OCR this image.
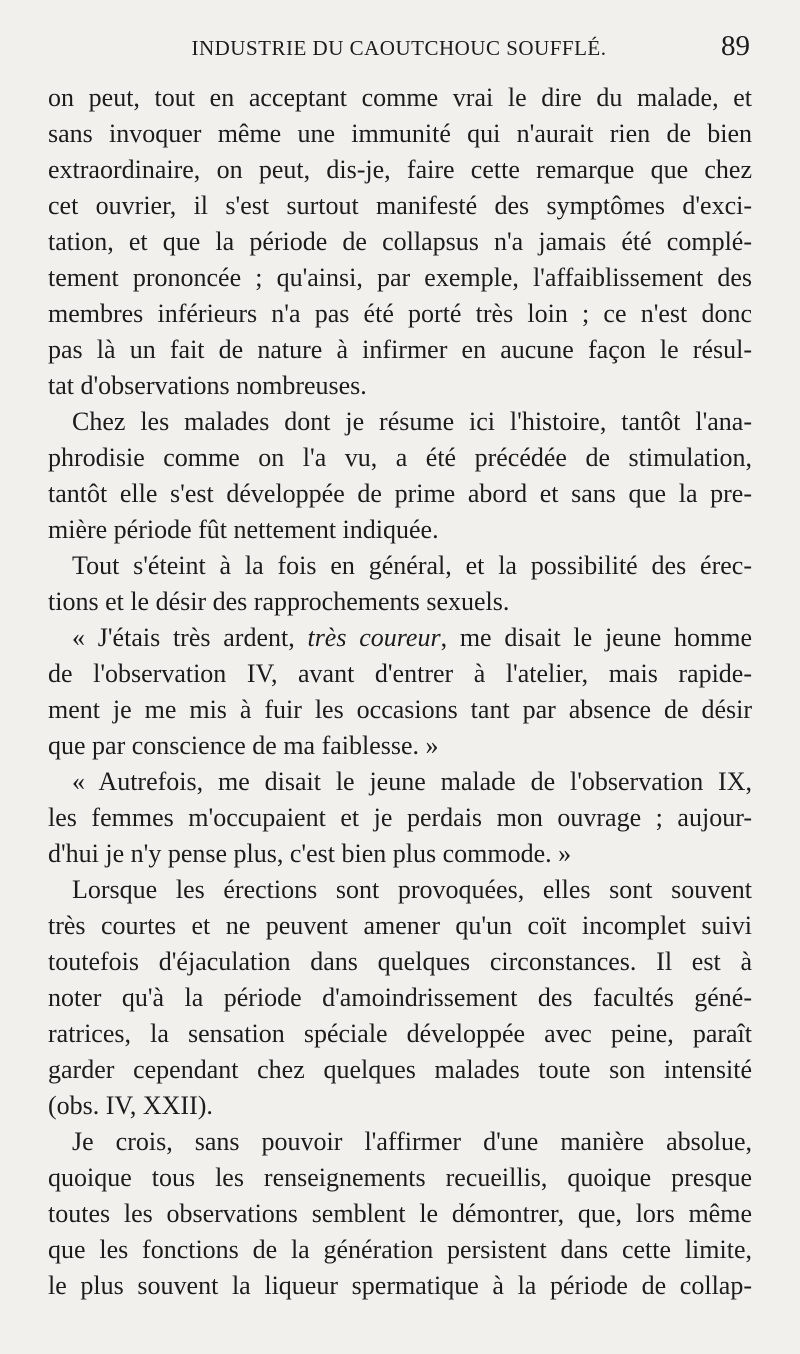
INDUSTRIE DU CAOUTCHOUC SOUFFLÉ.	89
on peut, tout en acceptant comme vrai le dire du malade, et
sans invoquer même une immunité qui n'aurait rien de bien
extraordinaire, on peut, dis-je, faire cette remarque que chez
cet ouvrier, il s'est surtout manifesté des symptômes d'exci-
tation, et que la période de collapsus n'a jamais été complé-
tement prononcée ; qu'ainsi, par exemple, l'affaiblissement des
membres inférieurs n'a pas été porté très loin ; ce n'est donc
pas là un fait de nature à infirmer en aucune façon le résul-
tat d'observations nombreuses.
Chez les malades dont je résume ici l'histoire, tantôt l'ana-
phrodisie comme on l'a vu, a été précédée de stimulation,
tantôt elle s'est développée de prime abord et sans que la pre-
mière période fût nettement indiquée.
Tout s'éteint à la fois en général, et la possibilité des érec-
tions et le désir des rapprochements sexuels.
« J'étais très ardent, très coureur, me disait le jeune homme
de l'observation IV, avant d'entrer à l'atelier, mais rapide-
ment je me mis à fuir les occasions tant par absence de désir
que par conscience de ma faiblesse. »
« Autrefois, me disait le jeune malade de l'observation IX,
les femmes m'occupaient et je perdais mon ouvrage ; aujour-
d'hui je n'y pense plus, c'est bien plus commode. »
Lorsque les érections sont provoquées, elles sont souvent
très courtes et ne peuvent amener qu'un coït incomplet suivi
toutefois d'éjaculation dans quelques circonstances. Il est à
noter qu'à la période d'amoindrissement des facultés géné-
ratrices, la sensation spéciale développée avec peine, paraît
garder cependant chez quelques malades toute son intensité
(obs. IV, XXII).
Je crois, sans pouvoir l'affirmer d'une manière absolue,
quoique tous les renseignements recueillis, quoique presque
toutes les observations semblent le démontrer, que, lors même
que les fonctions de la génération persistent dans cette limite,
le plus souvent la liqueur spermatique à la période de collap-
